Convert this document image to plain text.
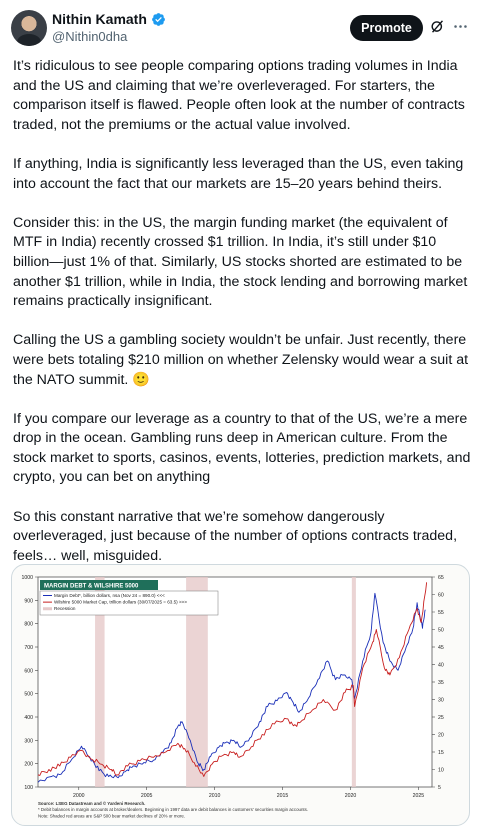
Nithin Kamath
@Nithin0dha
Promote

It’s ridiculous to see people comparing options trading volumes in India and the US and claiming that we’re overleveraged. For starters, the comparison itself is flawed. People often look at the number of contracts traded, not the premiums or the actual value involved.

If anything, India is significantly less leveraged than the US, even taking into account the fact that our markets are 15–20 years behind theirs.

Consider this: in the US, the margin funding market (the equivalent of MTF in India) recently crossed $1 trillion. In India, it’s still under $10 billion—just 1% of that. Similarly, US stocks shorted are estimated to be another $1 trillion, while in India, the stock lending and borrowing market remains practically insignificant.

Calling the US a gambling society wouldn’t be unfair. Just recently, there were bets totaling $210 million on whether Zelensky would wear a suit at the NATO summit. 🙂

If you compare our leverage as a country to that of the US, we’re a mere drop in the ocean. Gambling runs deep in American culture. From the stock market to sports, casinos, events, lotteries, prediction markets, and crypto, you can bet on anything

So this constant narrative that we’re somehow dangerously overleveraged, just because of the number of options contracts traded, feels… well, misguided.

100
200
300
400
500
600
700
800
900
1000
5
10
15
20
25
30
35
40
45
50
55
60
65
2000	2005	2010	2015	2020	2025
MARGIN DEBT & WILSHIRE 5000
Margin Debt*, billion dollars, nsa (Nov 24 = 890.0) <<<
Wilshire 5000 Market Cap, trillion dollars (30/07/2025 = 63.5) >>>
Recession
Source: LSEG Datastream and © Yardeni Research.
* Debit balances in margin accounts at broker/dealers. Beginning in 1997 data are debit balances in customers' securities margin accounts.
Note: Shaded red areas are S&P 500 bear market declines of 20% or more.
